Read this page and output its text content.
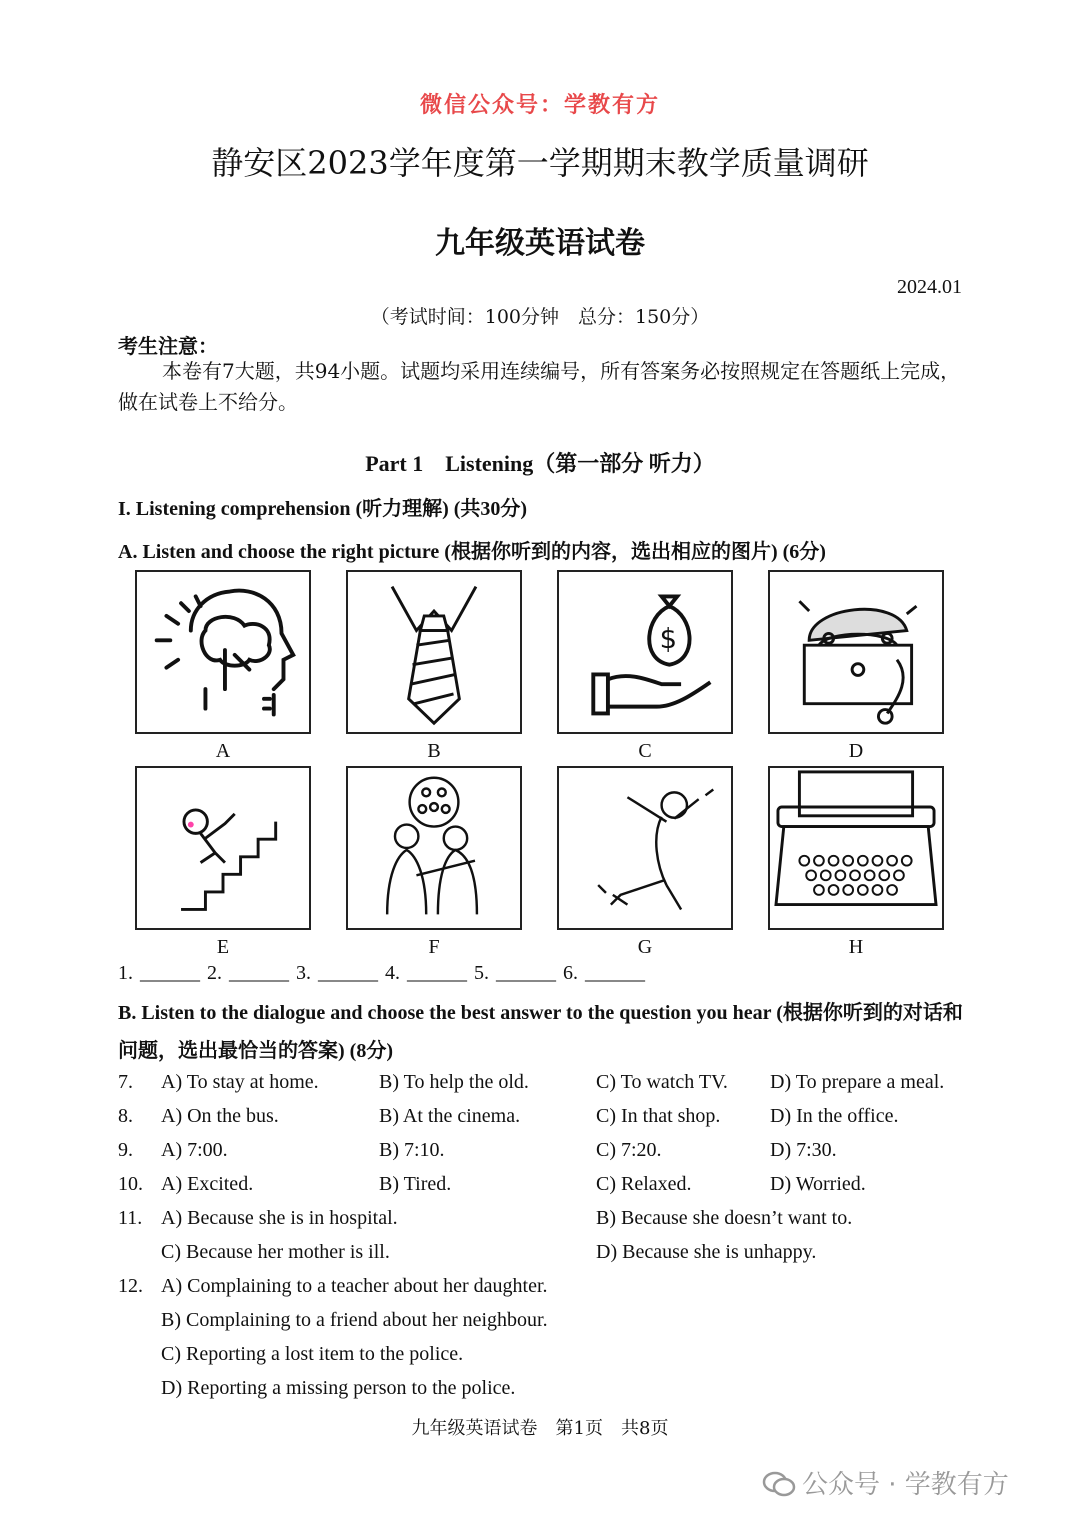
微信公众号：学教有方
静安区2023学年度第一学期期末教学质量调研
九年级英语试卷
2024.01
（考试时间：100分钟　总分：150分）
考生注意：
本卷有7大题，共94小题。试题均采用连续编号，所有答案务必按照规定在答题纸上完成，做在试卷上不给分。
Part 1　Listening（第一部分 听力）
I. Listening comprehension (听力理解) (共30分)
A. Listen and choose the right picture (根据你听到的内容，选出相应的图片) (6分)
A	B
$
C	D
E	F	G	H
1. ______ 2. ______ 3. ______ 4. ______ 5. ______ 6. ______
B. Listen to the dialogue and choose the best answer to the question you hear (根据你听到的对话和问题，选出最恰当的答案) (8分)
7. A) To stay at home.	B) To help the old.	C) To watch TV. D) To prepare a meal.
8. A) On the bus.	B) At the cinema.	C) In that shop. D) In the office.
9. A) 7:00.	B) 7:10.	C) 7:20.	D) 7:30.
10. A) Excited.	B) Tired.	C) Relaxed.	D) Worried.
11. A) Because she is in hospital.	B) Because she doesn’t want to.
C) Because her mother is ill.	D) Because she is unhappy.
12. A) Complaining to a teacher about her daughter.
B) Complaining to a friend about her neighbour.
C) Reporting a lost item to the police.
D) Reporting a missing person to the police.
九年级英语试卷　第1页　共8页
公众号 · 学教有方
